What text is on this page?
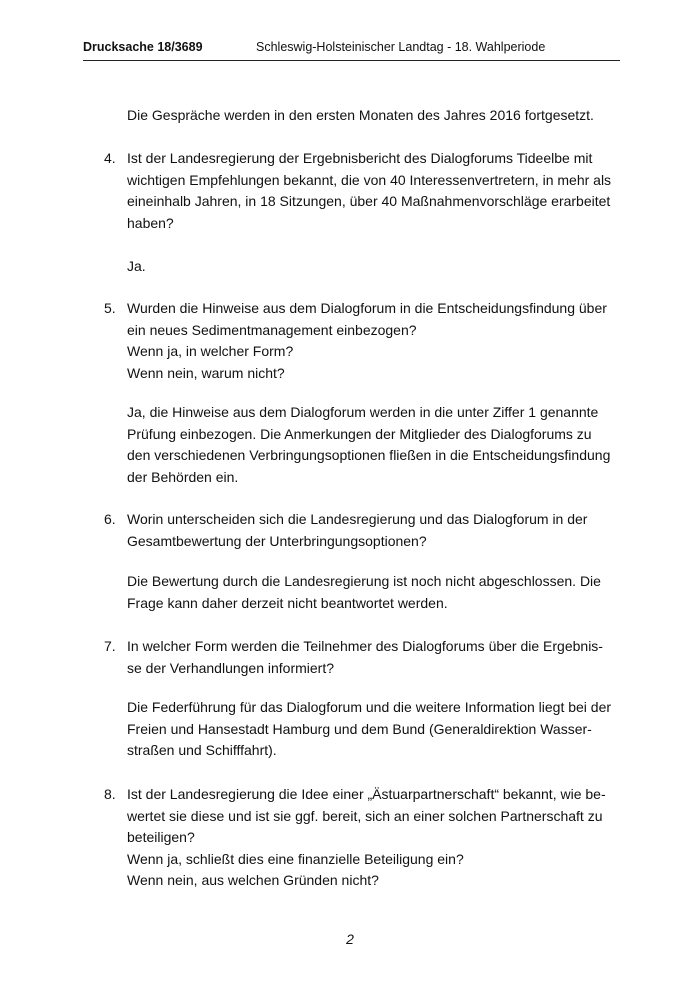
Drucksache 18/3689	Schleswig-Holsteinischer Landtag - 18. Wahlperiode
Die Gespräche werden in den ersten Monaten des Jahres 2016 fortgesetzt.
4. Ist der Landesregierung der Ergebnisbericht des Dialogforums Tideelbe mit
wichtigen Empfehlungen bekannt, die von 40 Interessenvertretern, in mehr als
eineinhalb Jahren, in 18 Sitzungen, über 40 Maßnahmenvorschläge erarbeitet
haben?
Ja.
5. Wurden die Hinweise aus dem Dialogforum in die Entscheidungsfindung über
ein neues Sedimentmanagement einbezogen?
Wenn ja, in welcher Form?
Wenn nein, warum nicht?
Ja, die Hinweise aus dem Dialogforum werden in die unter Ziffer 1 genannte
Prüfung einbezogen. Die Anmerkungen der Mitglieder des Dialogforums zu
den verschiedenen Verbringungsoptionen fließen in die Entscheidungsfindung
der Behörden ein.
6. Worin unterscheiden sich die Landesregierung und das Dialogforum in der
Gesamtbewertung der Unterbringungsoptionen?
Die Bewertung durch die Landesregierung ist noch nicht abgeschlossen. Die
Frage kann daher derzeit nicht beantwortet werden.
7. In welcher Form werden die Teilnehmer des Dialogforums über die Ergebnis-
se der Verhandlungen informiert?
Die Federführung für das Dialogforum und die weitere Information liegt bei der
Freien und Hansestadt Hamburg und dem Bund (Generaldirektion Wasser-
straßen und Schifffahrt).
8. Ist der Landesregierung die Idee einer „Ästuarpartnerschaft“ bekannt, wie be-
wertet sie diese und ist sie ggf. bereit, sich an einer solchen Partnerschaft zu
beteiligen?
Wenn ja, schließt dies eine finanzielle Beteiligung ein?
Wenn nein, aus welchen Gründen nicht?
2
